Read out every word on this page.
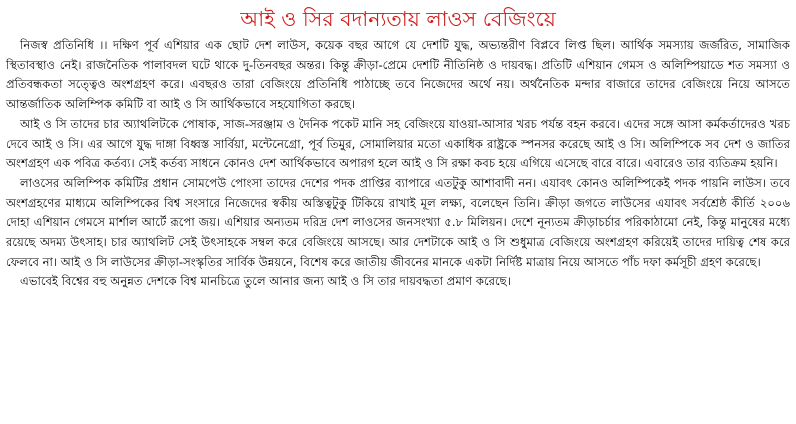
আই ও সির বদান্যতায় লাওস বেজিংয়ে

নিজস্ব প্রতিনিধি ।। দক্ষিণ পূর্ব এশিয়ার এক ছোট দেশ লাউস, কয়েক বছর আগে যে দেশটি যুদ্ধ, অভ্যন্তরীণ বিপ্লবে লিপ্ত ছিল। আর্থিক সমস্যায় জর্জরিত, সামাজিক স্থিতাবস্থাও নেই। রাজনৈতিক পালাবদল ঘটে থাকে দু-তিনবছর অন্তর। কিন্তু ক্রীড়া-প্রেমে দেশটি নীতিনিষ্ঠ ও দায়বদ্ধ। প্রতিটি এশিয়ান গেমস ও অলিম্পিয়াডে শত সমস্যা ও প্রতিবন্ধকতা সত্ত্বেও অংশগ্রহণ করে। এবছরও তারা বেজিংয়ে প্রতিনিধি পাঠাচ্ছে তবে নিজেদের অর্থে নয়। অর্থনৈতিক মন্দার বাজারে তাদের বেজিংয়ে নিয়ে আসতে আন্তর্জাতিক অলিম্পিক কমিটি বা আই ও সি আর্থিকভাবে সহযোগিতা করছে।

আই ও সি তাদের চার অ্যাথলিটকে পোষাক, সাজ-সরঞ্জাম ও দৈনিক পকেট মানি সহ বেজিংয়ে যাওয়া-আসার খরচ পর্যন্ত বহন করবে। এদের সঙ্গে আসা কর্মকর্তাদেরও খরচ দেবে আই ও সি। এর আগে যুদ্ধ দাঙ্গা বিধ্বস্ত সার্বিয়া, মন্টেনেগ্রো, পূর্ব তিমুর, সোমালিয়ার মতো একাধিক রাষ্ট্রকে স্পনসর করেছে আই ও সি। অলিম্পিকে সব দেশ ও জাতির অংশগ্রহণ এক পবিত্র কর্তব্য। সেই কর্তব্য সাধনে কোনও দেশ আর্থিকভাবে অপারগ হলে আই ও সি রক্ষা কবচ হয়ে এগিয়ে এসেছে বারে বারে। এবারেও তার ব্যতিক্রম হয়নি।

লাওসের অলিম্পিক কমিটির প্রধান সোমপেউ পোংসা তাদের দেশের পদক প্রাপ্তির ব্যাপারে এতটুকু আশাবাদী নন। এযাবৎ কোনও অলিম্পিকেই পদক পায়নি লাউস। তবে অংশগ্রহণের মাধ্যমে অলিম্পিকের বিশ্ব সংসারে নিজেদের স্বকীয় অস্তিত্বটুকু টিকিয়ে রাখাই মূল লক্ষ্য, বলেছেন তিনি। ক্রীড়া জগতে লাউসের এযাবৎ সর্বশ্রেষ্ঠ কীর্তি ২০০৬ দোহা এশিয়ান গেমসে মার্শাল আর্টে রূপো জয়। এশিয়ার অন্যতম দরিদ্র দেশ লাওসের জনসংখ্যা ৫.৮ মিলিয়ন। দেশে নূন্যতম ক্রীড়াচর্চার পরিকাঠামো নেই, কিন্তু মানুষের মধ্যে রয়েছে অদম্য উৎসাহ। চার অ্যাথলিট সেই উৎসাহকে সম্বল করে বেজিংয়ে আসছে। আর দেশটাকে আই ও সি শুধুমাত্র বেজিংয়ে অংশগ্রহণ করিয়েই তাদের দায়িত্ব শেষ করে ফেলবে না। আই ও সি লাউসের ক্রীড়া-সংস্কৃতির সার্বিক উন্নয়নে, বিশেষ করে জাতীয় জীবনের মানকে একটা নির্দিষ্ট মাত্রায় নিয়ে আসতে পাঁচ দফা কর্মসূচী গ্রহণ করেছে।

এভাবেই বিশ্বের বহু অনুন্নত দেশকে বিশ্ব মানচিত্রে তুলে আনার জন্য আই ও সি তার দায়বদ্ধতা প্রমাণ করেছে।
